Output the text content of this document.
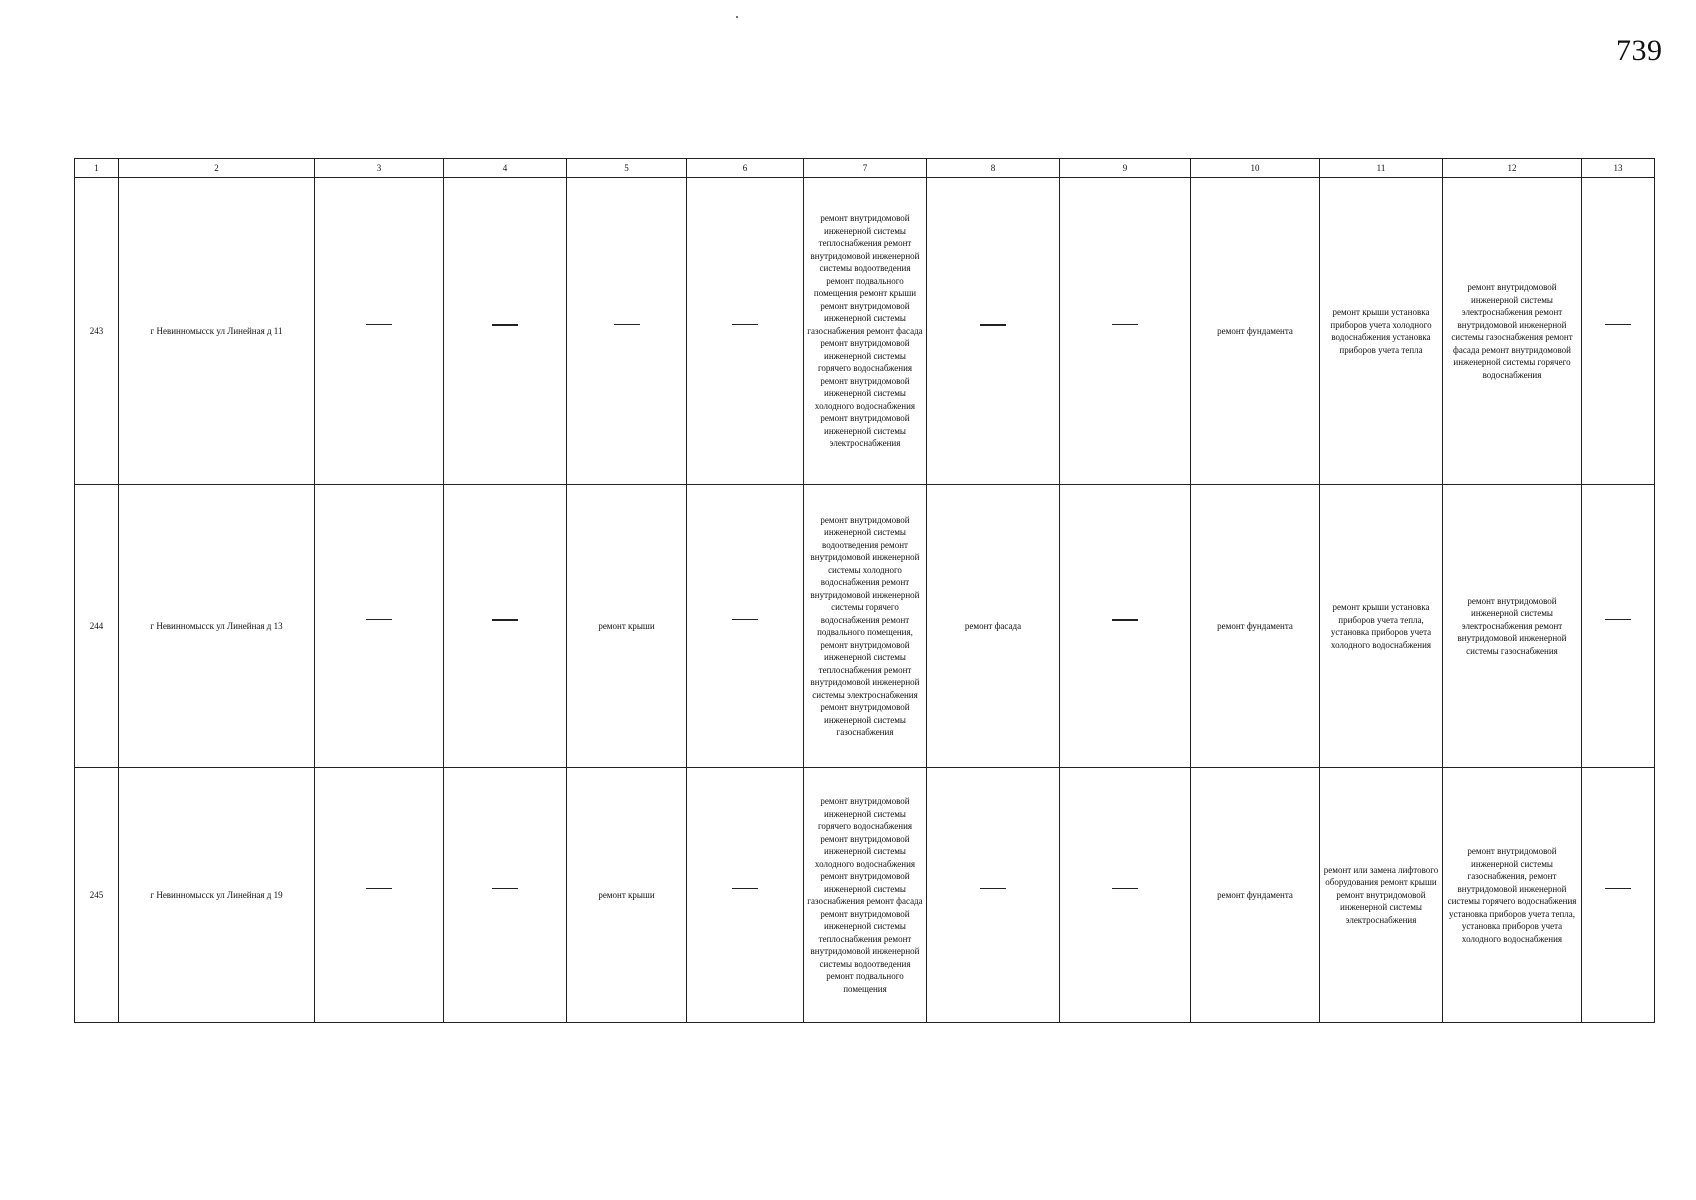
739
1	2	3	4	5	6	7	8	9	10	11	12	13
243	г Невинномысск ул Линейная д 11					ремонт внутридомовой инженерной системы теплоснабжения ремонт внутридомовой инженерной системы водоотведения ремонт подвального помещения ремонт крыши ремонт внутридомовой инженерной системы газоснабжения ремонт фасада ремонт внутридомовой инженерной системы горячего водоснабжения ремонт внутридомовой инженерной системы холодного водоснабжения ремонт внутридомовой инженерной системы электроснабжения			ремонт фундамента	ремонт крыши установка приборов учета холодного водоснабжения установка приборов учета тепла	ремонт внутридомовой инженерной системы электроснабжения ремонт внутридомовой инженерной системы газоснабжения ремонт фасада ремонт внутридомовой инженерной системы горячего водоснабжения	
244	г Невинномысск ул Линейная д 13			ремонт крыши		ремонт внутридомовой инженерной системы водоотведения ремонт внутридомовой инженерной системы холодного водоснабжения ремонт внутридомовой инженерной системы горячего водоснабжения ремонт подвального помещения, ремонт внутридомовой инженерной системы теплоснабжения ремонт внутридомовой инженерной системы электроснабжения ремонт внутридомовой инженерной системы газоснабжения	ремонт фасада		ремонт фундамента	ремонт крыши установка приборов учета тепла, установка приборов учета холодного водоснабжения	ремонт внутридомовой инженерной системы электроснабжения ремонт внутридомовой инженерной системы газоснабжения	
245	г Невинномысск ул Линейная д 19			ремонт крыши		ремонт внутридомовой инженерной системы горячего водоснабжения ремонт внутридомовой инженерной системы холодного водоснабжения ремонт внутридомовой инженерной системы газоснабжения ремонт фасада ремонт внутридомовой инженерной системы теплоснабжения ремонт внутридомовой инженерной системы водоотведения ремонт подвального помещения			ремонт фундамента	ремонт или замена лифтового оборудования ремонт крыши ремонт внутридомовой инженерной системы электроснабжения	ремонт внутридомовой инженерной системы газоснабжения, ремонт внутридомовой инженерной системы горячего водоснабжения установка приборов учета тепла, установка приборов учета холодного водоснабжения	
